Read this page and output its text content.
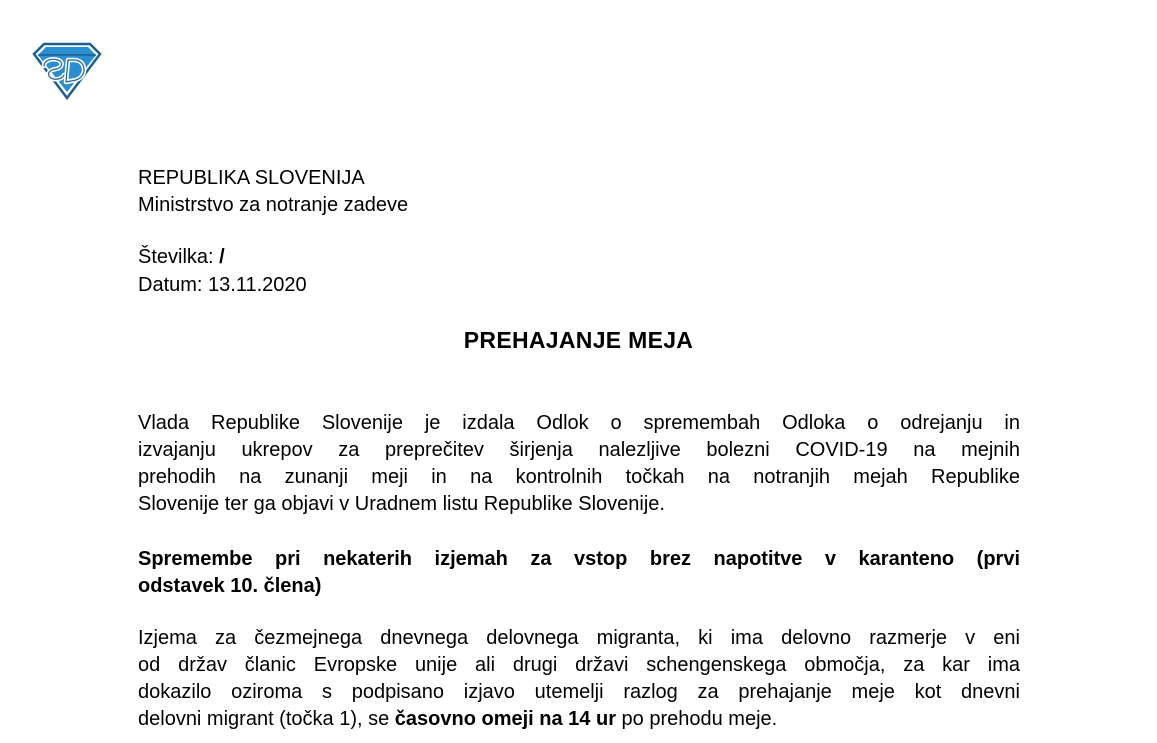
REPUBLIKA SLOVENIJA

Ministrstvo za notranje zadeve

Številka: /

Datum: 13.11.2020

PREHAJANJE MEJA
Vlada Republike Slovenije je izdala Odlok o spremembah Odloka o odrejanju in
izvajanju ukrepov za preprečitev širjenja nalezljive bolezni COVID-19 na mejnih
prehodih na zunanji meji in na kontrolnih točkah na notranjih mejah Republike
Slovenije ter ga objavi v Uradnem listu Republike Slovenije.
Spremembe pri nekaterih izjemah za vstop brez napotitve v karanteno (prvi
odstavek 10. člena)
Izjema za čezmejnega dnevnega delovnega migranta, ki ima delovno razmerje v eni
od držav članic Evropske unije ali drugi državi schengenskega območja, za kar ima
dokazilo oziroma s podpisano izjavo utemelji razlog za prehajanje meje kot dnevni
delovni migrant (točka 1), se časovno omeji na 14 ur po prehodu meje.
